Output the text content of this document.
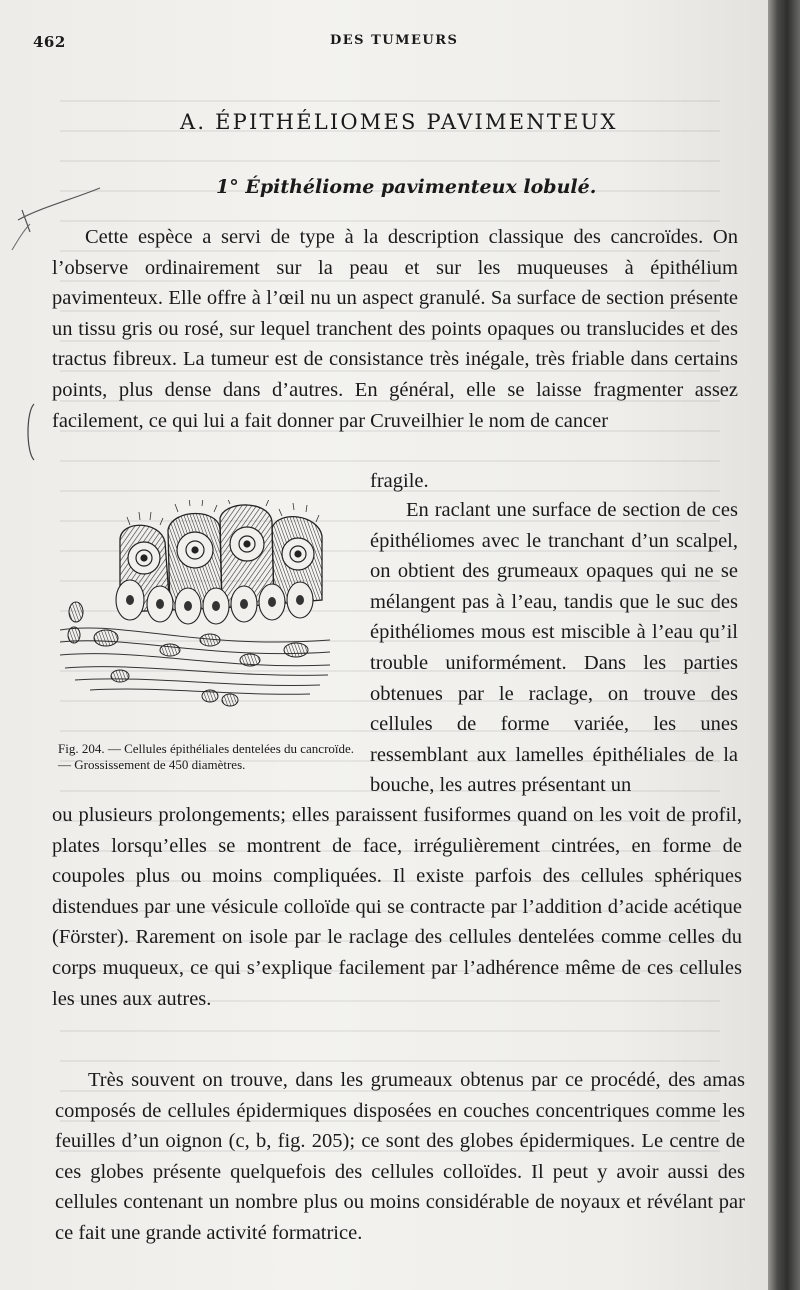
462	DES TUMEURS
A. ÉPITHÉLIOMES PAVIMENTEUX
1° Épithéliome pavimenteux lobulé.

Cette espèce a servi de type à la description classique des cancroïdes. On l’observe ordinairement sur la peau et sur les muqueuses à épithélium pavimenteux. Elle offre à l’œil nu un aspect granulé. Sa surface de section présente un tissu gris ou rosé, sur lequel tranchent des points opaques ou translucides et des tractus fibreux. La tumeur est de consistance très inégale, très friable dans certains points, plus dense dans d’autres. En général, elle se laisse fragmenter assez facilement, ce qui lui a fait donner par Cruveilhier le nom de cancer

fragile.

Fig. 204. — Cellules épithéliales dentelées du cancroïde. — Grossissement de 450 diamètres.

En raclant une surface de section de ces épithéliomes avec le tranchant d’un scalpel, on obtient des grumeaux opaques qui ne se mélangent pas à l’eau, tandis que le suc des épithéliomes mous est miscible à l’eau qu’il trouble uniformément. Dans les parties obtenues par le raclage, on trouve des cellules de forme variée, les unes ressemblant aux lamelles épithéliales de la bouche, les autres présentant un

ou plusieurs prolongements; elles paraissent fusiformes quand on les voit de profil, plates lorsqu’elles se montrent de face, irrégulièrement cintrées, en forme de coupoles plus ou moins compliquées. Il existe parfois des cellules sphériques distendues par une vésicule colloïde qui se contracte par l’addition d’acide acétique (Förster). Rarement on isole par le raclage des cellules dentelées comme celles du corps muqueux, ce qui s’explique facilement par l’adhérence même de ces cellules les unes aux autres.

Très souvent on trouve, dans les grumeaux obtenus par ce procédé, des amas composés de cellules épidermiques disposées en couches concentriques comme les feuilles d’un oignon (c, b, fig. 205); ce sont des globes épidermiques. Le centre de ces globes présente quelquefois des cellules colloïdes. Il peut y avoir aussi des cellules contenant un nombre plus ou moins considérable de noyaux et révélant par ce fait une grande activité formatrice.
